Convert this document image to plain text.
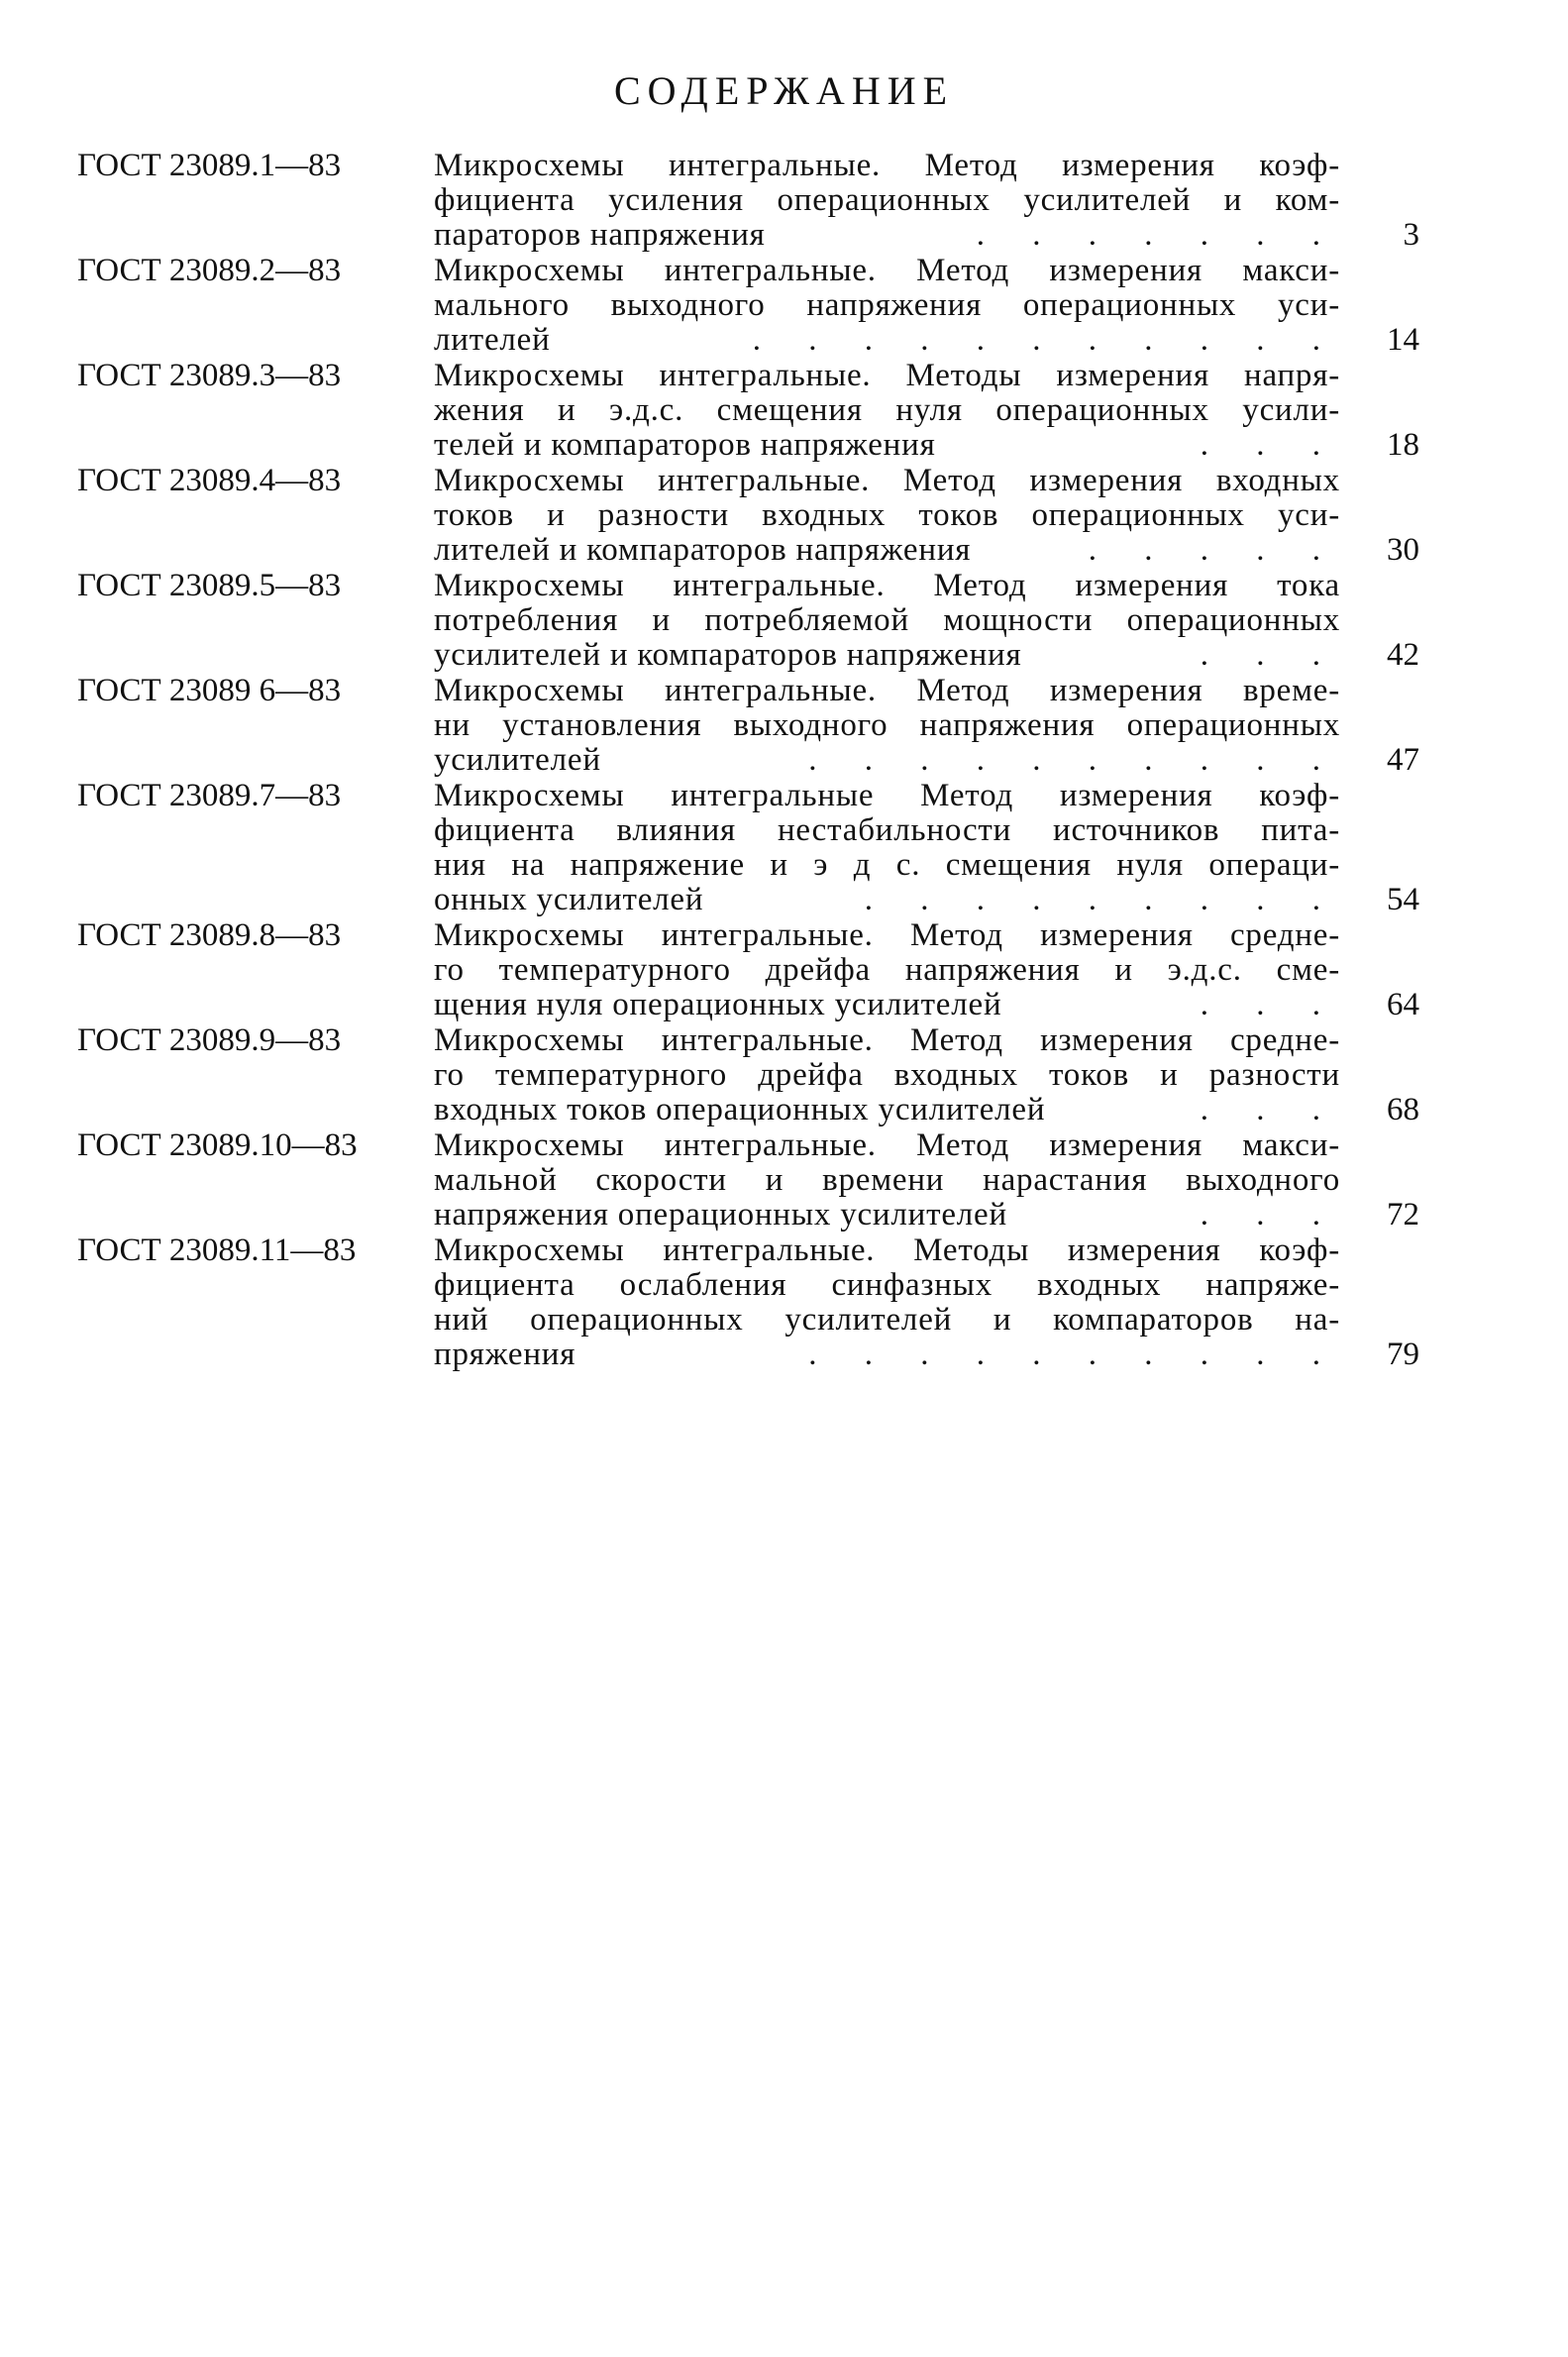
СОДЕРЖАНИЕ
ГОСТ 23089.1—83	Микросхемы интегральные. Метод измерения коэф-
фициента усиления операционных усилителей и ком-
параторов напряжения	. . . . . . .	3
ГОСТ 23089.2—83	Микросхемы интегральные. Метод измерения макси-
мального выходного напряжения операционных уси-
лителей	. . . . . . . . . . .	14
ГОСТ 23089.3—83	Микросхемы интегральные. Методы измерения напря-
жения и э.д.с. смещения нуля операционных усили-
телей и компараторов напряжения	. . .	18
ГОСТ 23089.4—83	Микросхемы интегральные. Метод измерения входных
токов и разности входных токов операционных уси-
лителей и компараторов напряжения	. . . . .	30
ГОСТ 23089.5—83	Микросхемы интегральные. Метод измерения тока
потребления и потребляемой мощности операционных
усилителей и компараторов напряжения	. . .	42
ГОСТ 23089 6—83	Микросхемы интегральные. Метод измерения време-
ни установления выходного напряжения операционных
усилителей	. . . . . . . . . .	47
ГОСТ 23089.7—83	Микросхемы интегральные Метод измерения коэф-
фициента влияния нестабильности источников пита-
ния на напряжение и э д с. смещения нуля операци-
онных усилителей	. . . . . . . . .	54
ГОСТ 23089.8—83	Микросхемы интегральные. Метод измерения средне-
го температурного дрейфа напряжения и э.д.с. сме-
щения нуля операционных усилителей	. . .	64
ГОСТ 23089.9—83	Микросхемы интегральные. Метод измерения средне-
го температурного дрейфа входных токов и разности
входных токов операционных усилителей	. . .	68
ГОСТ 23089.10—83	Микросхемы интегральные. Метод измерения макси-
мальной скорости и времени нарастания выходного
напряжения операционных усилителей	. . .	72
ГОСТ 23089.11—83	Микросхемы интегральные. Методы измерения коэф-
фициента ослабления синфазных входных напряже-
ний операционных усилителей и компараторов на-
пряжения	. . . . . . . . . .	79
